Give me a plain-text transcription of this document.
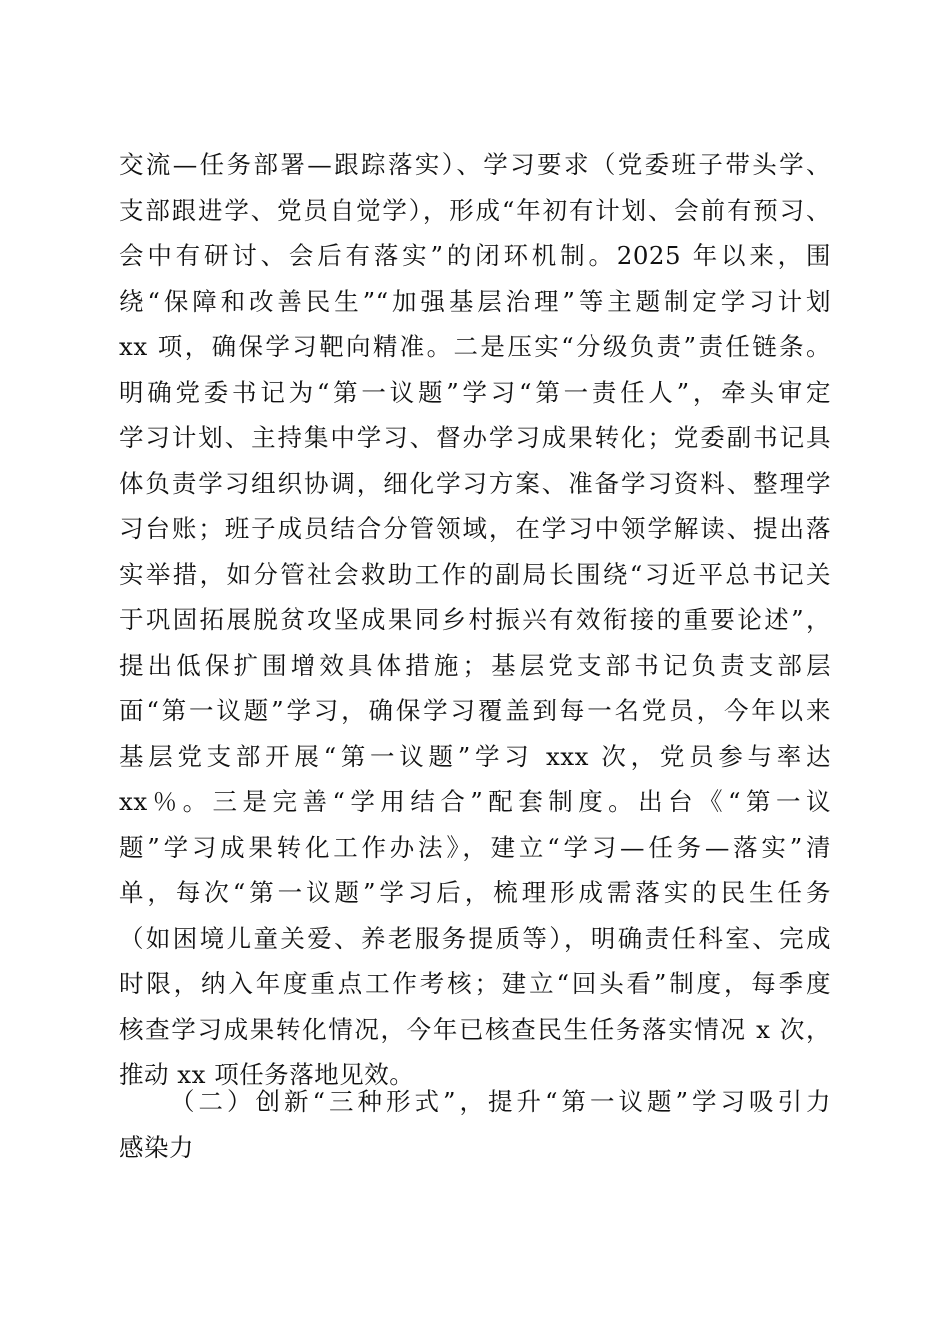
交流—任务部署—跟踪落实）、学习要求（党委班子带头学、
支部跟进学、党员自觉学），形成“年初有计划、会前有预习、
会中有研讨、会后有落实”的闭环机制。2025 年以来，围
绕“保障和改善民生”“加强基层治理”等主题制定学习计划
xx 项，确保学习靶向精准。二是压实“分级负责”责任链条。
明确党委书记为“第一议题”学习“第一责任人”，牵头审定
学习计划、主持集中学习、督办学习成果转化；党委副书记具
体负责学习组织协调，细化学习方案、准备学习资料、整理学
习台账；班子成员结合分管领域，在学习中领学解读、提出落
实举措，如分管社会救助工作的副局长围绕“习近平总书记关
于巩固拓展脱贫攻坚成果同乡村振兴有效衔接的重要论述”，
提出低保扩围增效具体措施；基层党支部书记负责支部层
面“第一议题”学习，确保学习覆盖到每一名党员，今年以来
基层党支部开展“第一议题”学习 xxx 次，党员参与率达
xx％。三是完善“学用结合”配套制度。出台《“第一议
题”学习成果转化工作办法》，建立“学习—任务—落实”清
单，每次“第一议题”学习后，梳理形成需落实的民生任务
（如困境儿童关爱、养老服务提质等），明确责任科室、完成
时限，纳入年度重点工作考核；建立“回头看”制度，每季度
核查学习成果转化情况，今年已核查民生任务落实情况 x 次，
推动 xx 项任务落地见效。
（二）创新“三种形式”，提升“第一议题”学习吸引力
感染力
